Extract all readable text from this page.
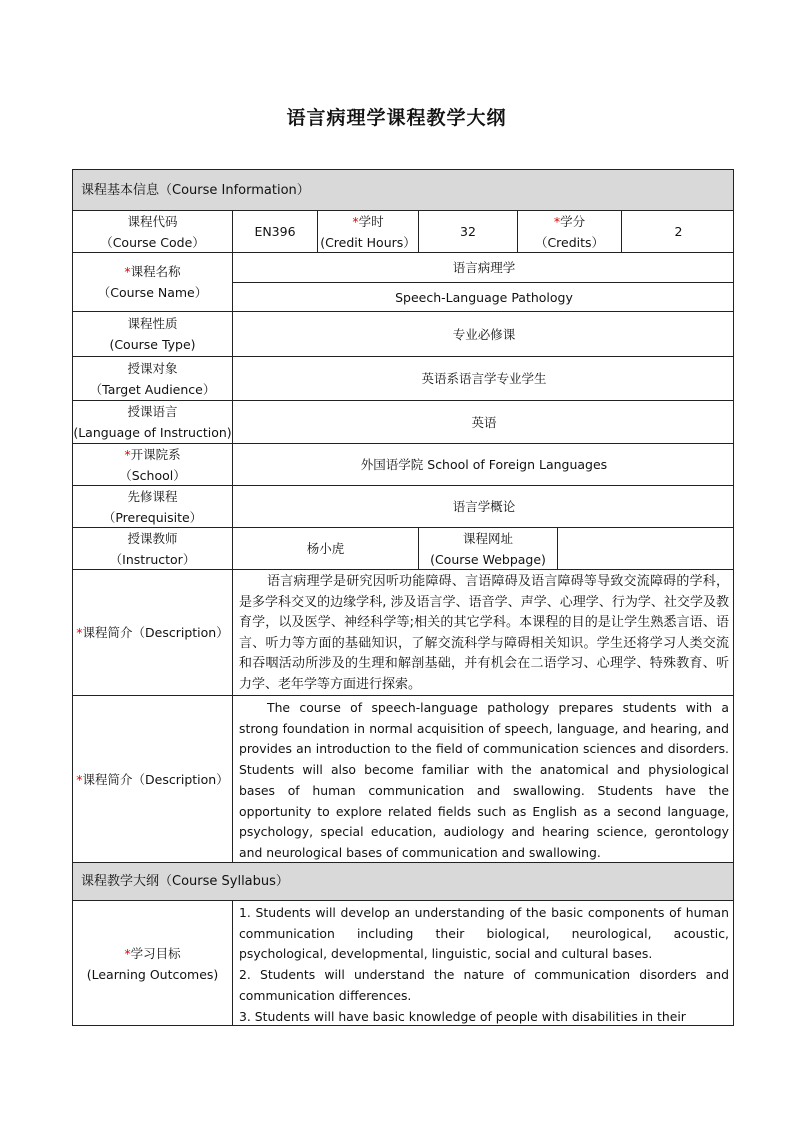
语言病理学课程教学大纲
课程基本信息（Course Information）
课程代码
（Course Code）
EN396
*学时
(Credit Hours）
32
*学分
（Credits）
2
*课程名称
（Course Name）
语言病理学
Speech-Language Pathology
课程性质
(Course Type)
专业必修课
授课对象
（Target Audience）
英语系语言学专业学生
授课语言
(Language of Instruction)
英语
*开课院系
（School）
外国语学院 School of Foreign Languages
先修课程
（Prerequisite）
语言学概论
授课教师
（Instructor）
杨小虎
课程网址
(Course Webpage)
*课程简介（Description）

语言病理学是研究因听功能障碍、言语障碍及语言障碍等导致交流障碍的学科，是多学科交叉的边缘学科, 涉及语言学、语音学、声学、心理学、行为学、社交学及教育学，以及医学、神经科学等;相关的其它学科。本课程的目的是让学生熟悉言语、语言、听力等方面的基础知识，了解交流科学与障碍相关知识。学生还将学习人类交流和吞咽活动所涉及的生理和解剖基础，并有机会在二语学习、心理学、特殊教育、听力学、老年学等方面进行探索。

*课程简介（Description）

The course of speech-language pathology prepares students with a strong foundation in normal acquisition of speech, language, and hearing, and provides an introduction to the field of communication sciences and disorders. Students will also become familiar with the anatomical and physiological bases of human communication and swallowing. Students have the opportunity to explore related fields such as English as a second language, psychology, special education, audiology and hearing science, gerontology and neurological bases of communication and swallowing.

课程教学大纲（Course Syllabus）
*学习目标
(Learning Outcomes)

1. Students will develop an understanding of the basic components of human communication including their biological, neurological, acoustic, psychological, developmental, linguistic, social and cultural bases.

2. Students will understand the nature of communication disorders and communication differences.

3. Students will have basic knowledge of people with disabilities in their
